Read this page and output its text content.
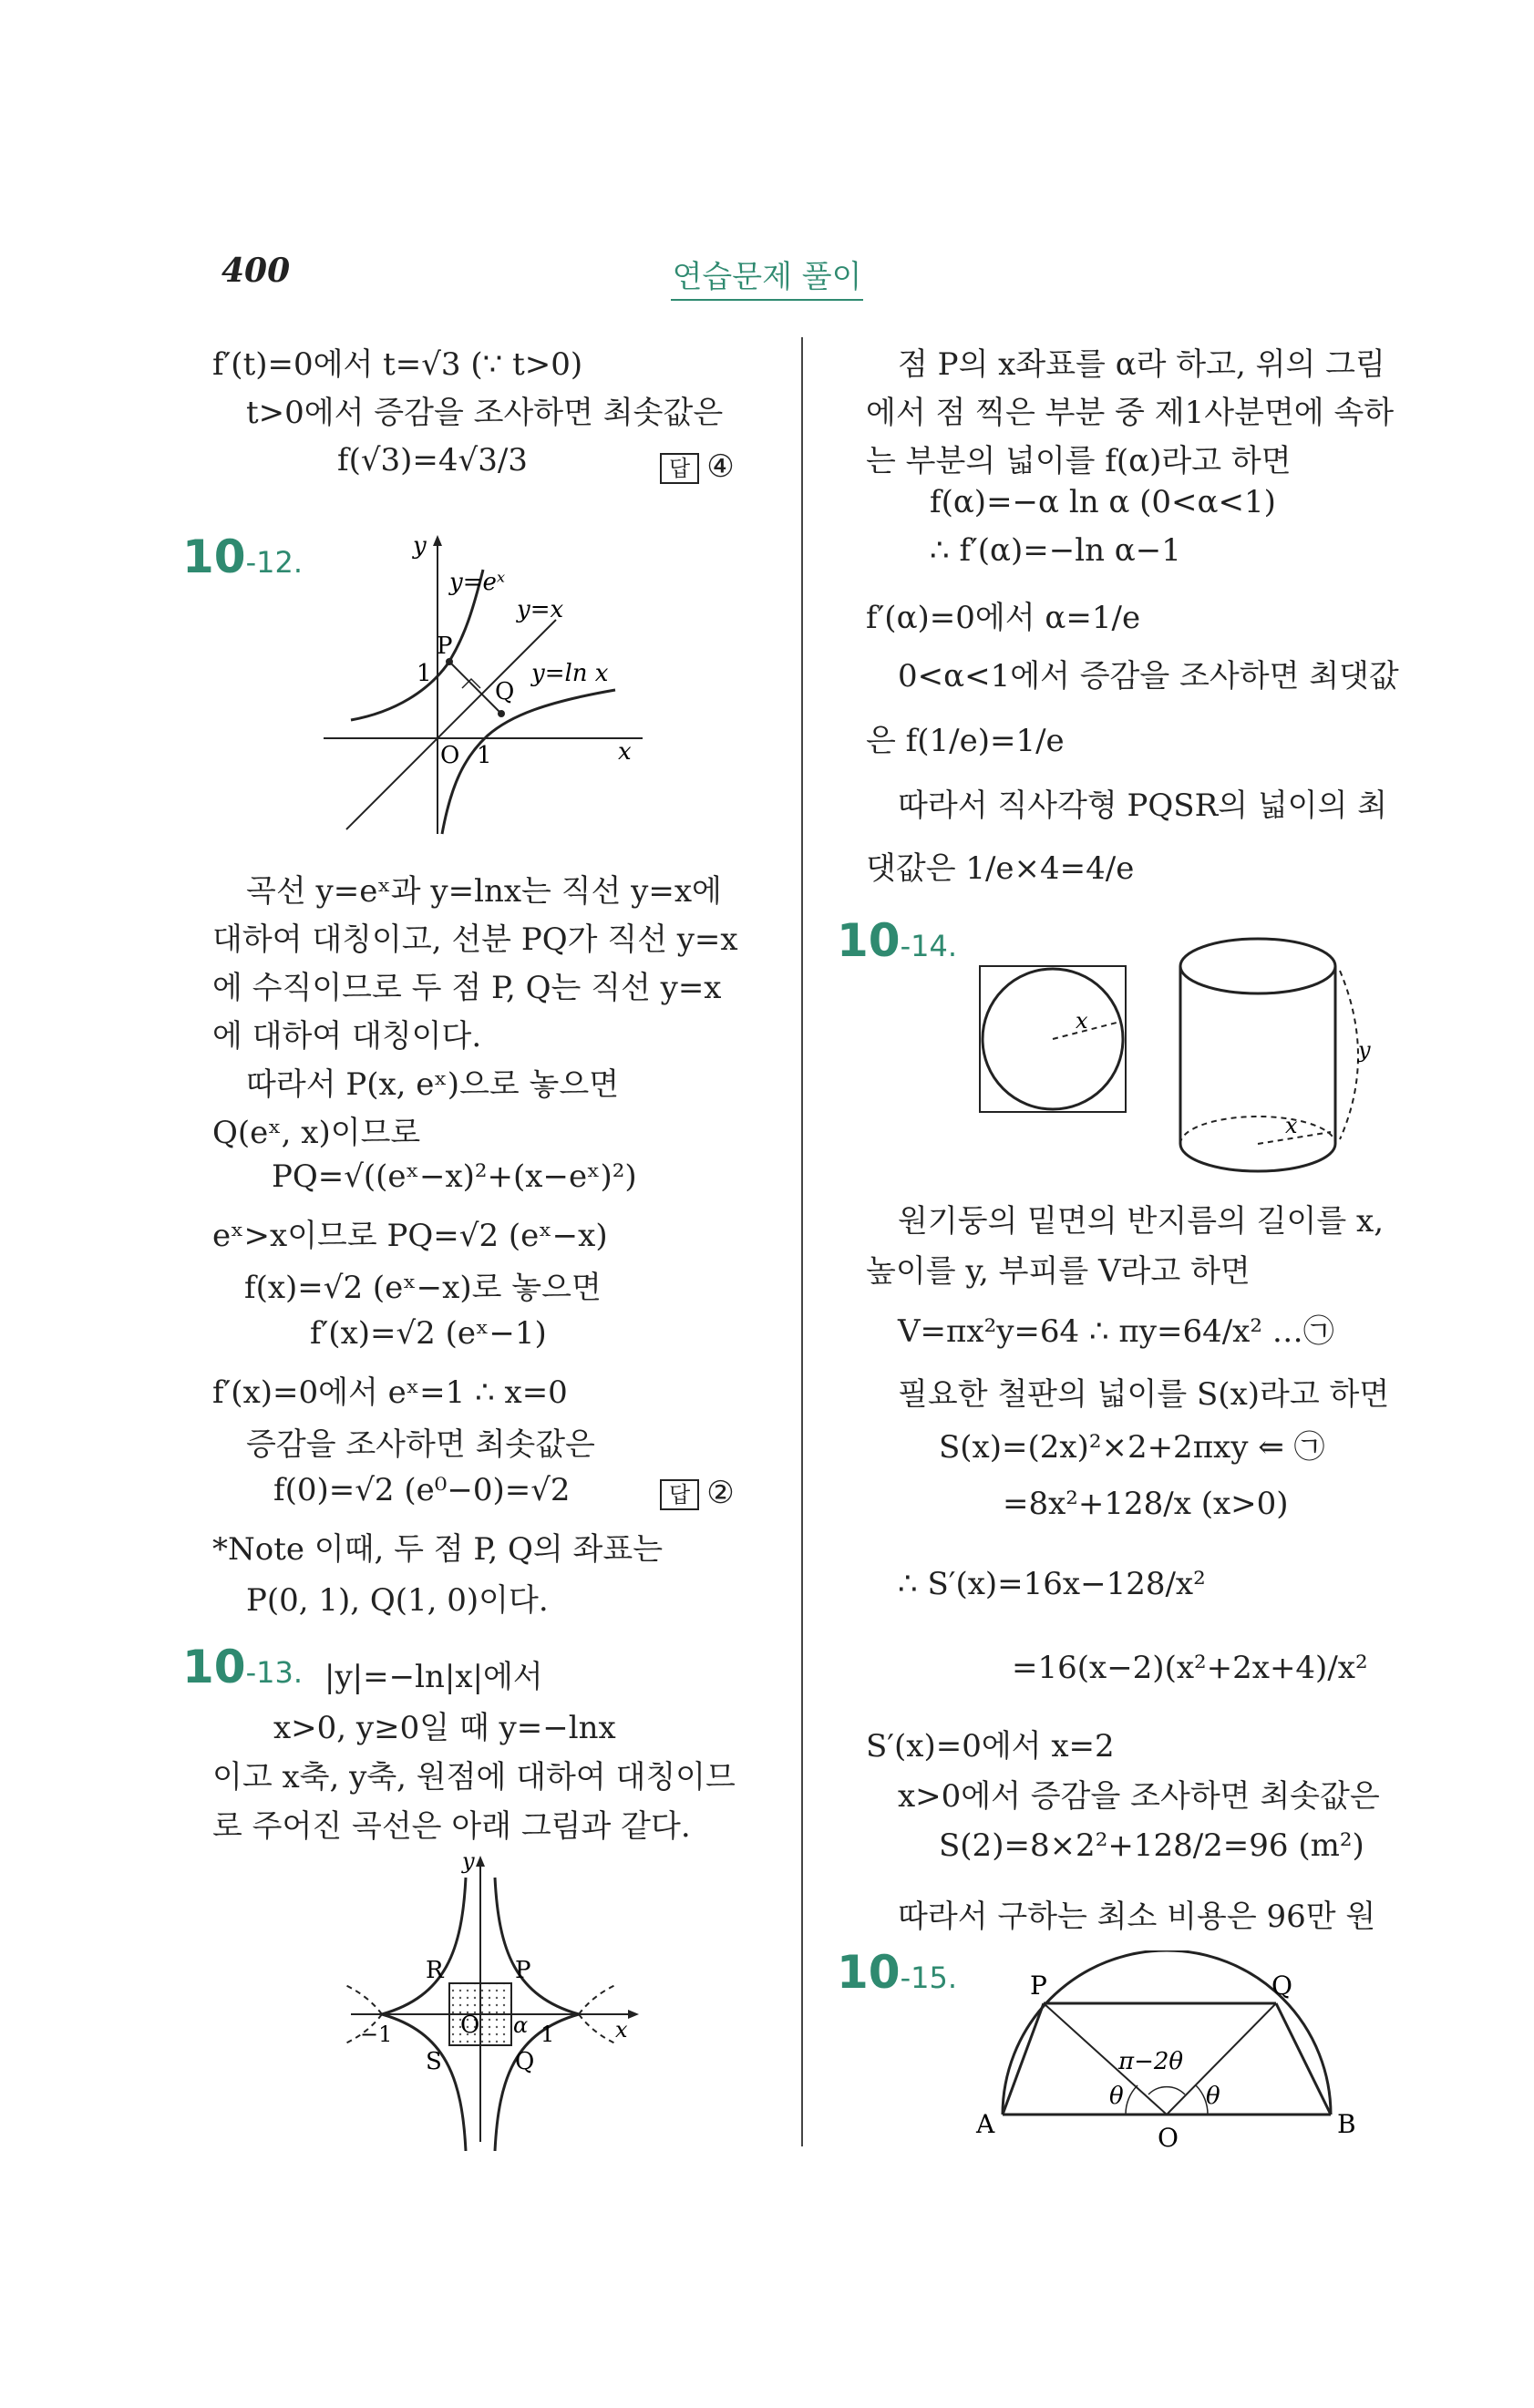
400	연습문제 풀이
f′(t)=0에서 t=√3 (∵ t>0)
t>0에서 증감을 조사하면 최솟값은
f(√3)=4√3/3	답 ④
10-12.	y
y=eˣ
y=x
P
1
Q
y=ln x
O 1	x
곡선 y=eˣ과 y=lnx는 직선 y=x에
대하여 대칭이고, 선분 PQ가 직선 y=x
에 수직이므로 두 점 P, Q는 직선 y=x
에 대하여 대칭이다.
따라서 P(x, eˣ)으로 놓으면
Q(eˣ, x)이므로
PQ=√((eˣ−x)²+(x−eˣ)²)
eˣ>x이므로 PQ=√2 (eˣ−x)
f(x)=√2 (eˣ−x)로 놓으면
f′(x)=√2 (eˣ−1)
f′(x)=0에서 eˣ=1 ∴ x=0
증감을 조사하면 최솟값은
f(0)=√2 (e⁰−0)=√2	답 ②
*Note 이때, 두 점 P, Q의 좌표는
P(0, 1), Q(1, 0)이다.
10-13. |y|=−ln|x|에서
x>0, y≥0일 때 y=−lnx
이고 x축, y축, 원점에 대하여 대칭이므
로 주어진 곡선은 아래 그림과 같다.
y
R	P
O α
−1	1	x
S	Q
점 P의 x좌표를 α라 하고, 위의 그림
에서 점 찍은 부분 중 제1사분면에 속하
는 부분의 넓이를 f(α)라고 하면
f(α)=−α ln α (0<α<1)
∴ f′(α)=−ln α−1
f′(α)=0에서 α=1/e
0<α<1에서 증감을 조사하면 최댓값
은 f(1/e)=1/e
따라서 직사각형 PQSR의 넓이의 최
댓값은 1/e×4=4/e
10-14.
x
x
y
원기둥의 밑면의 반지름의 길이를 x,
높이를 y, 부피를 V라고 하면
V=πx²y=64 ∴ πy=64/x² …㉠
필요한 철판의 넓이를 S(x)라고 하면
S(x)=(2x)²×2+2πxy ⇐ ㉠
=8x²+128/x (x>0)
∴ S′(x)=16x−128/x²
=16(x−2)(x²+2x+4)/x²
S′(x)=0에서 x=2
x>0에서 증감을 조사하면 최솟값은
S(2)=8×2²+128/2=96 (m²)
따라서 구하는 최소 비용은 96만 원
10-15.	P	Q
π−2θ
θ	θ
A	O	B
